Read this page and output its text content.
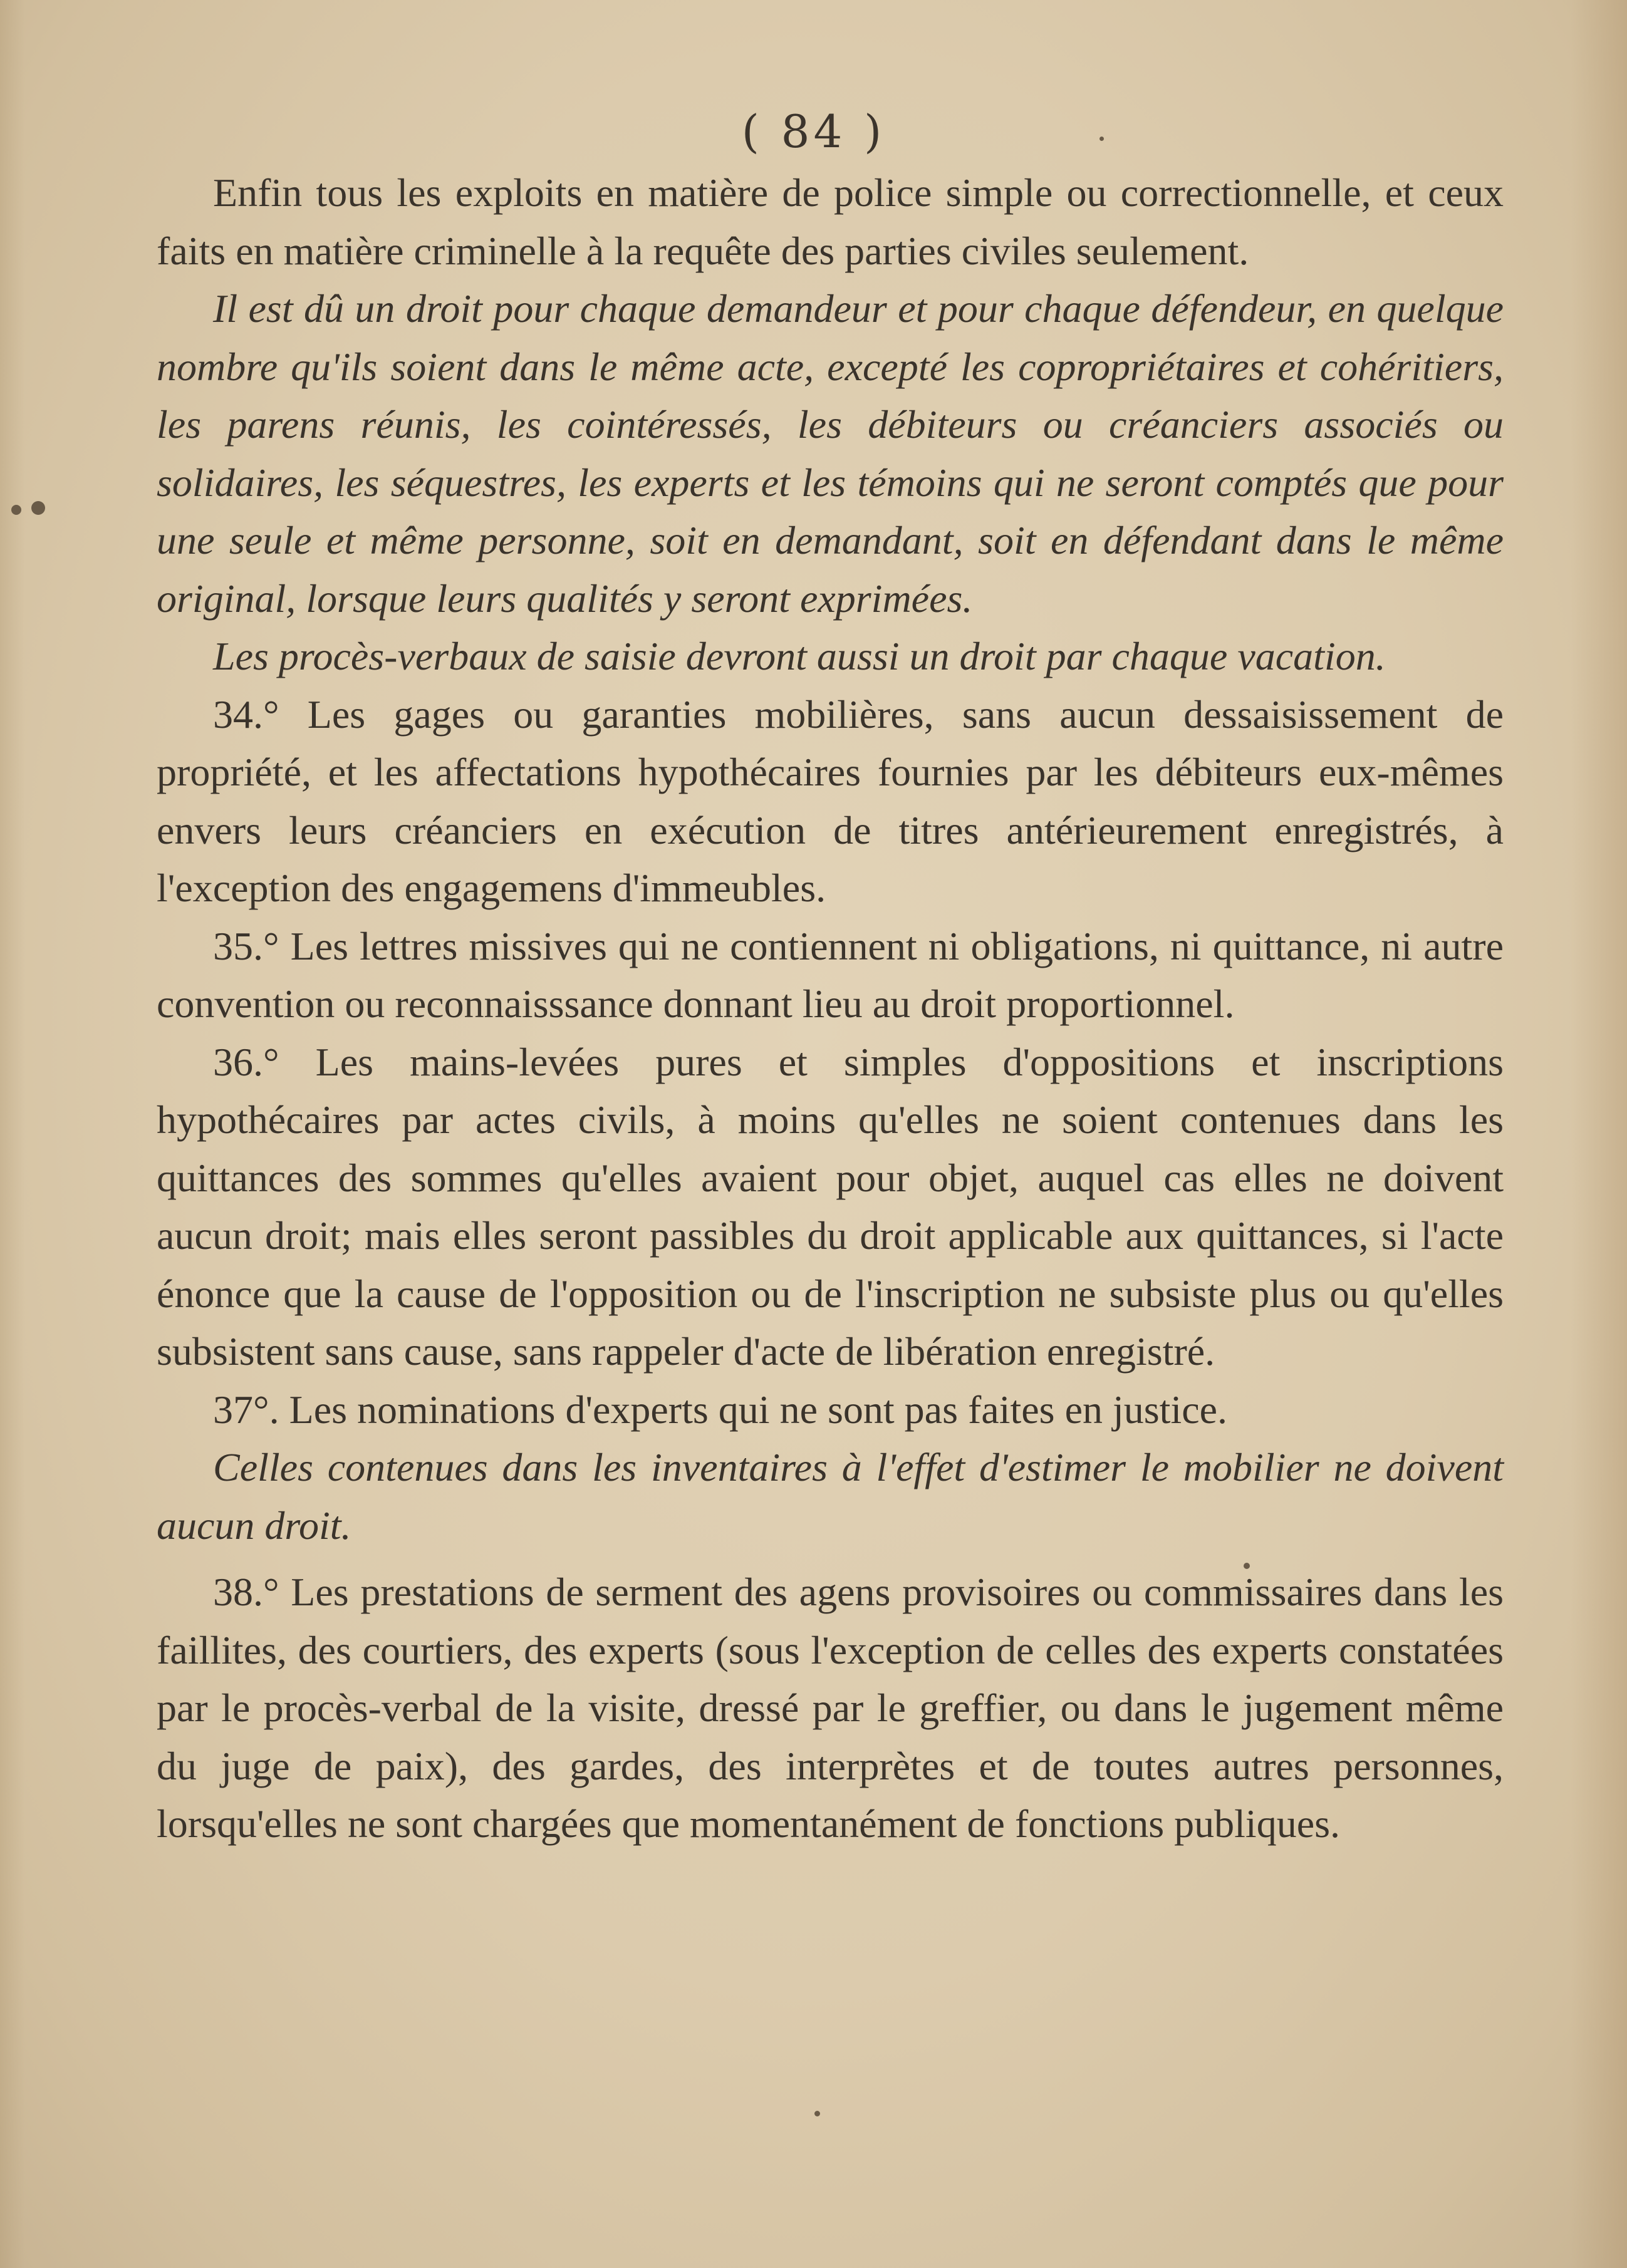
( 84 )

Enfin tous les exploits en matière de police simple ou correctionnelle, et ceux faits en matière criminelle à la requête des parties civiles seulement.

Il est dû un droit pour chaque demandeur et pour chaque défendeur, en quelque nombre qu'ils soient dans le même acte, excepté les copropriétaires et cohéritiers, les parens réunis, les cointéressés, les débiteurs ou créanciers associés ou solidaires, les séquestres, les experts et les témoins qui ne seront comptés que pour une seule et même personne, soit en demandant, soit en défendant dans le même original, lorsque leurs qualités y seront exprimées.

Les procès-verbaux de saisie devront aussi un droit par chaque vacation.

34.° Les gages ou garanties mobilières, sans aucun dessaisissement de propriété, et les affectations hypothécaires fournies par les débiteurs eux-mêmes envers leurs créanciers en exécution de titres antérieurement enregistrés, à l'exception des engagemens d'immeubles.

35.° Les lettres missives qui ne contiennent ni obligations, ni quittance, ni autre convention ou reconnaisssance donnant lieu au droit proportionnel.

36.° Les mains-levées pures et simples d'oppositions et inscriptions hypothécaires par actes civils, à moins qu'elles ne soient contenues dans les quittances des sommes qu'elles avaient pour objet, auquel cas elles ne doivent aucun droit; mais elles seront passibles du droit applicable aux quittances, si l'acte énonce que la cause de l'opposition ou de l'inscription ne subsiste plus ou qu'elles subsistent sans cause, sans rappeler d'acte de libération enregistré.

37°. Les nominations d'experts qui ne sont pas faites en justice.

Celles contenues dans les inventaires à l'effet d'estimer le mobilier ne doivent aucun droit.

38.° Les prestations de serment des agens provisoires ou commissaires dans les faillites, des courtiers, des experts (sous l'exception de celles des experts constatées par le procès-verbal de la visite, dressé par le greffier, ou dans le jugement même du juge de paix), des gardes, des interprètes et de toutes autres personnes, lorsqu'elles ne sont chargées que momentanément de fonctions publiques.
